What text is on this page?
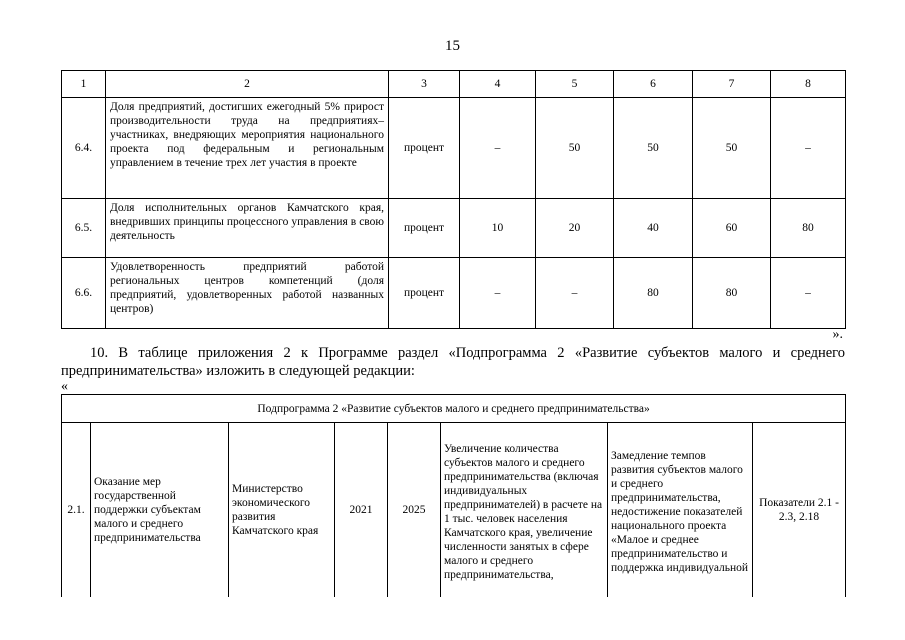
15
1	2	3	4	5	6	7	8
6.4.	Доля предприятий, достигших ежегодный 5% прирост производительности труда на предприятиях–участниках, внедряющих мероприятия национального проекта под федеральным и региональным управлением в течение трех лет участия в проекте	процент	–	50	50	50	–
6.5.	Доля исполнительных органов Камчатского края, внедривших принципы процессного управления в свою деятельность	процент	10	20	40	60	80
6.6.	Удовлетворенность предприятий работой региональных центров компетенций (доля предприятий, удовлетворенных работой названных центров)	процент	–	–	80	80	–
».

10. В таблице приложения 2 к Программе раздел «Подпрограмма 2 «Развитие субъектов малого и среднего предпринимательства» изложить в следующей редакции:

«
Подпрограмма 2 «Развитие субъектов малого и среднего предпринимательства»
2.1.	Оказание мер государственной поддержки субъектам малого и среднего предпринимательства	Министерство экономического развития Камчатского края	2021	2025	Увеличение количества субъектов малого и среднего предпринимательства (включая индивидуальных предпринимателей) в расчете на 1 тыс. человек населения Камчатского края, увеличение численности занятых в сфере малого и среднего предпринимательства,	Замедление темпов развития субъектов малого и среднего предпринимательства, недостижение показателей национального проекта «Малое и среднее предпринимательство и поддержка индивидуальной	Показатели 2.1 - 2.3, 2.18
